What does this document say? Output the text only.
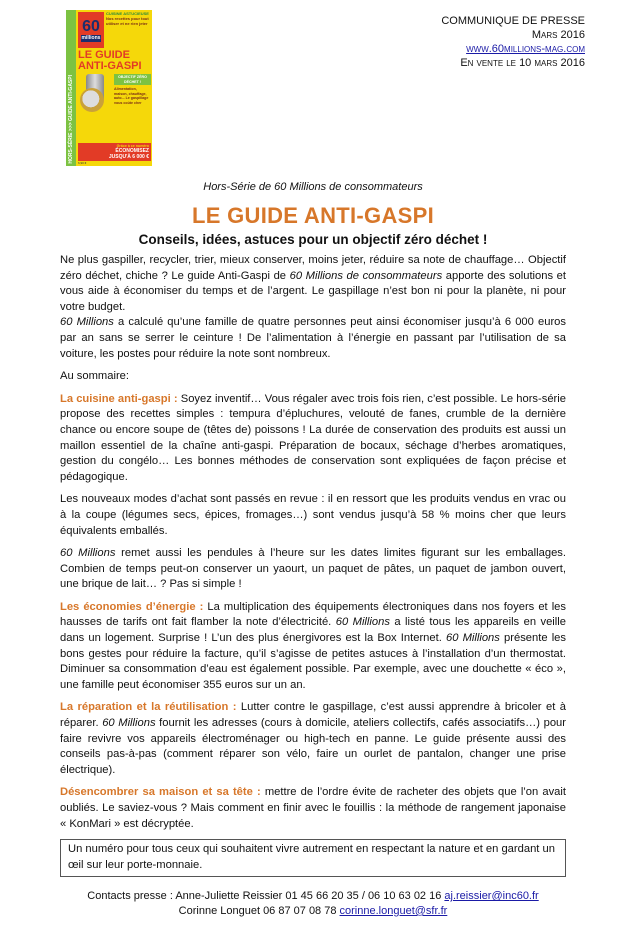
HORS-SÉRIE >>> GUIDE ANTI-GASPI
60
millions
CUISINE ASTUCIEUSE
Nos recettes pour tout utiliser et ne rien jeter
LE GUIDE
ANTI-GASPI
OBJECTIF ZÉRO DÉCHET !
Alimentation, maison, chauffage, auto... Le gaspillage vous coûte cher
Grâce à ce numéro
ÉCONOMISEZ
JUSQU'À 6 000 €
6,90 €
COMMUNIQUE DE PRESSE
Mars 2016
www.60millions-mag.com
En vente le 10 mars 2016
Hors-Série de 60 Millions de consommateurs
LE GUIDE ANTI-GASPI
Conseils, idées, astuces pour un objectif zéro déchet !

Ne plus gaspiller, recycler, trier, mieux conserver, moins jeter, réduire sa note de chauffage… Objectif zéro déchet, chiche ? Le guide Anti-Gaspi de 60 Millions de consommateurs apporte des solutions et vous aide à économiser du temps et de l’argent. Le gaspillage n’est bon ni pour la planète, ni pour votre budget.

60 Millions a calculé qu’une famille de quatre personnes peut ainsi économiser jusqu’à 6 000 euros par an sans se serrer le ceinture ! De l’alimentation à l’énergie en passant par l’utilisation de sa voiture, les postes pour réduire la note sont nombreux.

Au sommaire:

La cuisine anti-gaspi : Soyez inventif… Vous régaler avec trois fois rien, c’est possible. Le hors-série propose des recettes simples : tempura d’épluchures, velouté de fanes, crumble de la dernière chance ou encore soupe de (têtes de) poissons ! La durée de conservation des produits est aussi un maillon essentiel de la chaîne anti-gaspi. Préparation de bocaux, séchage d’herbes aromatiques, gestion du congélo… Les bonnes méthodes de conservation sont expliquées de façon précise et pédagogique.

Les nouveaux modes d’achat sont passés en revue : il en ressort que les produits vendus en vrac ou à la coupe (légumes secs, épices, fromages…) sont vendus jusqu’à 58 % moins cher que leurs équivalents emballés.

60 Millions remet aussi les pendules à l’heure sur les dates limites figurant sur les emballages. Combien de temps peut-on conserver un yaourt, un paquet de pâtes, un paquet de jambon ouvert, une brique de lait… ? Pas si simple !

Les économies d’énergie : La multiplication des équipements électroniques dans nos foyers et les hausses de tarifs ont fait flamber la note d’électricité. 60 Millions a listé tous les appareils en veille dans un logement. Surprise ! L’un des plus énergivores est la Box Internet. 60 Millions présente les bons gestes pour réduire la facture, qu’il s’agisse de petites astuces à l’installation d’un thermostat. Diminuer sa consommation d’eau est également possible. Par exemple, avec une douchette « éco », une famille peut économiser 355 euros sur un an.

La réparation et la réutilisation : Lutter contre le gaspillage, c’est aussi apprendre à bricoler et à réparer. 60 Millions fournit les adresses (cours à domicile, ateliers collectifs, cafés associatifs…) pour faire revivre vos appareils électroménager ou high-tech en panne. Le guide présente aussi des conseils pas-à-pas (comment réparer son vélo, faire un ourlet de pantalon, changer une prise électrique).

Désencombrer sa maison et sa tête : mettre de l’ordre évite de racheter des objets que l’on avait oubliés. Le saviez-vous ? Mais comment en finir avec le fouillis : la méthode de rangement japonaise « KonMari » est décryptée.

Un numéro pour tous ceux qui souhaitent vivre autrement en respectant la nature et en gardant un œil sur leur porte-monnaie.
Contacts presse : Anne-Juliette Reissier 01 45 66 20 35 / 06 10 63 02 16 aj.reissier@inc60.fr
Corinne Longuet 06 87 07 08 78 corinne.longuet@sfr.fr
